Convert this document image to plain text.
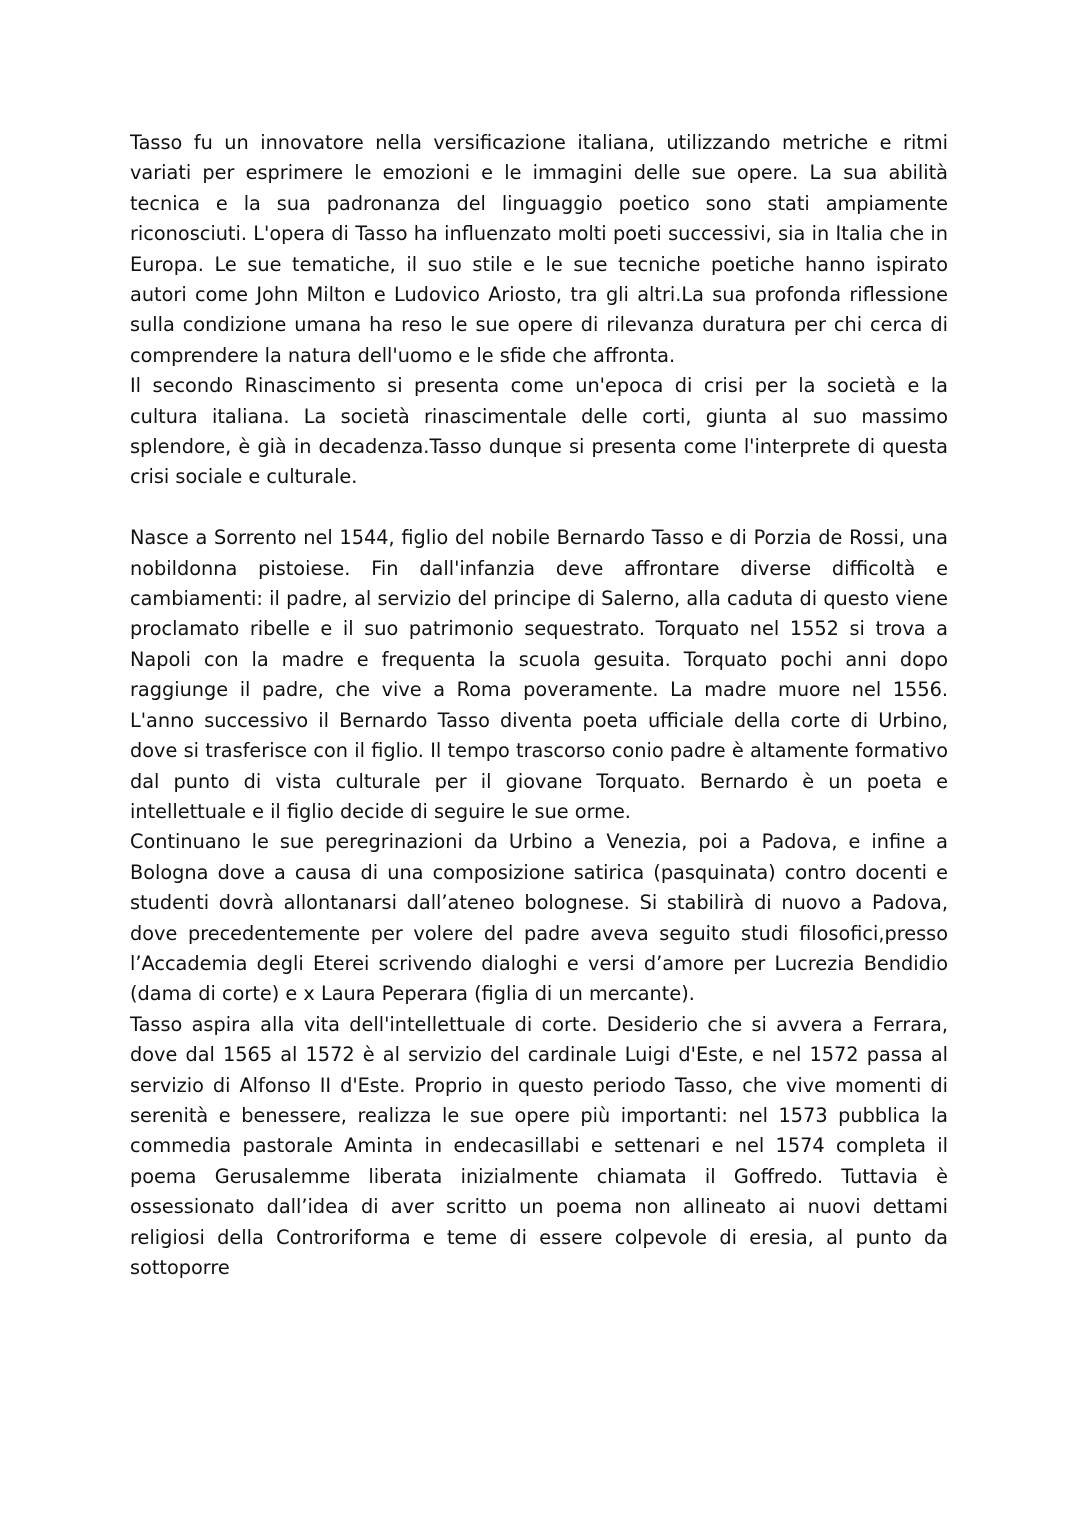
Tasso fu un innovatore nella versificazione italiana, utilizzando metriche e ritmi variati per esprimere le emozioni e le immagini delle sue opere. La sua abilità tecnica e la sua padronanza del linguaggio poetico sono stati ampiamente riconosciuti. L'opera di Tasso ha influenzato molti poeti successivi, sia in Italia che in Europa. Le sue tematiche, il suo stile e le sue tecniche poetiche hanno ispirato autori come John Milton e Ludovico Ariosto, tra gli altri.La sua profonda riflessione sulla condizione umana ha reso le sue opere di rilevanza duratura per chi cerca di comprendere la natura dell'uomo e le sfide che affronta.

Il secondo Rinascimento si presenta come un'epoca di crisi per la società e la cultura italiana. La società rinascimentale delle corti, giunta al suo massimo splendore, è già in decadenza.Tasso dunque si presenta come l'interprete di questa crisi sociale e culturale.

Nasce a Sorrento nel 1544, figlio del nobile Bernardo Tasso e di Porzia de Rossi, una nobildonna pistoiese. Fin dall'infanzia deve affrontare diverse difficoltà e cambiamenti: il padre, al servizio del principe di Salerno, alla caduta di questo viene proclamato ribelle e il suo patrimonio sequestrato. Torquato nel 1552 si trova a Napoli con la madre e frequenta la scuola gesuita. Torquato pochi anni dopo raggiunge il padre, che vive a Roma poveramente. La madre muore nel 1556. L'anno successivo il Bernardo Tasso diventa poeta ufficiale della corte di Urbino, dove si trasferisce con il figlio. Il tempo trascorso conio padre è altamente formativo dal punto di vista culturale per il giovane Torquato. Bernardo è un poeta e intellettuale e il figlio decide di seguire le sue orme.

Continuano le sue peregrinazioni da Urbino a Venezia, poi a Padova, e infine a Bologna dove a causa di una composizione satirica (pasquinata) contro docenti e studenti dovrà allontanarsi dall’ateneo bolognese. Si stabilirà di nuovo a Padova, dove precedentemente per volere del padre aveva seguito studi filosofici,presso l’Accademia degli Eterei scrivendo dialoghi e versi d’amore per Lucrezia Bendidio (dama di corte) e x Laura Peperara (figlia di un mercante).

Tasso aspira alla vita dell'intellettuale di corte. Desiderio che si avvera a Ferrara, dove dal 1565 al 1572 è al servizio del cardinale Luigi d'Este, e nel 1572 passa al servizio di Alfonso II d'Este. Proprio in questo periodo Tasso, che vive momenti di serenità e benessere, realizza le sue opere più importanti: nel 1573 pubblica la commedia pastorale Aminta in endecasillabi e settenari e nel 1574 completa il poema Gerusalemme liberata inizialmente chiamata il Goffredo. Tuttavia è ossessionato dall’idea di aver scritto un poema non allineato ai nuovi dettami religiosi della Controriforma e teme di essere colpevole di eresia, al punto da sottoporre
